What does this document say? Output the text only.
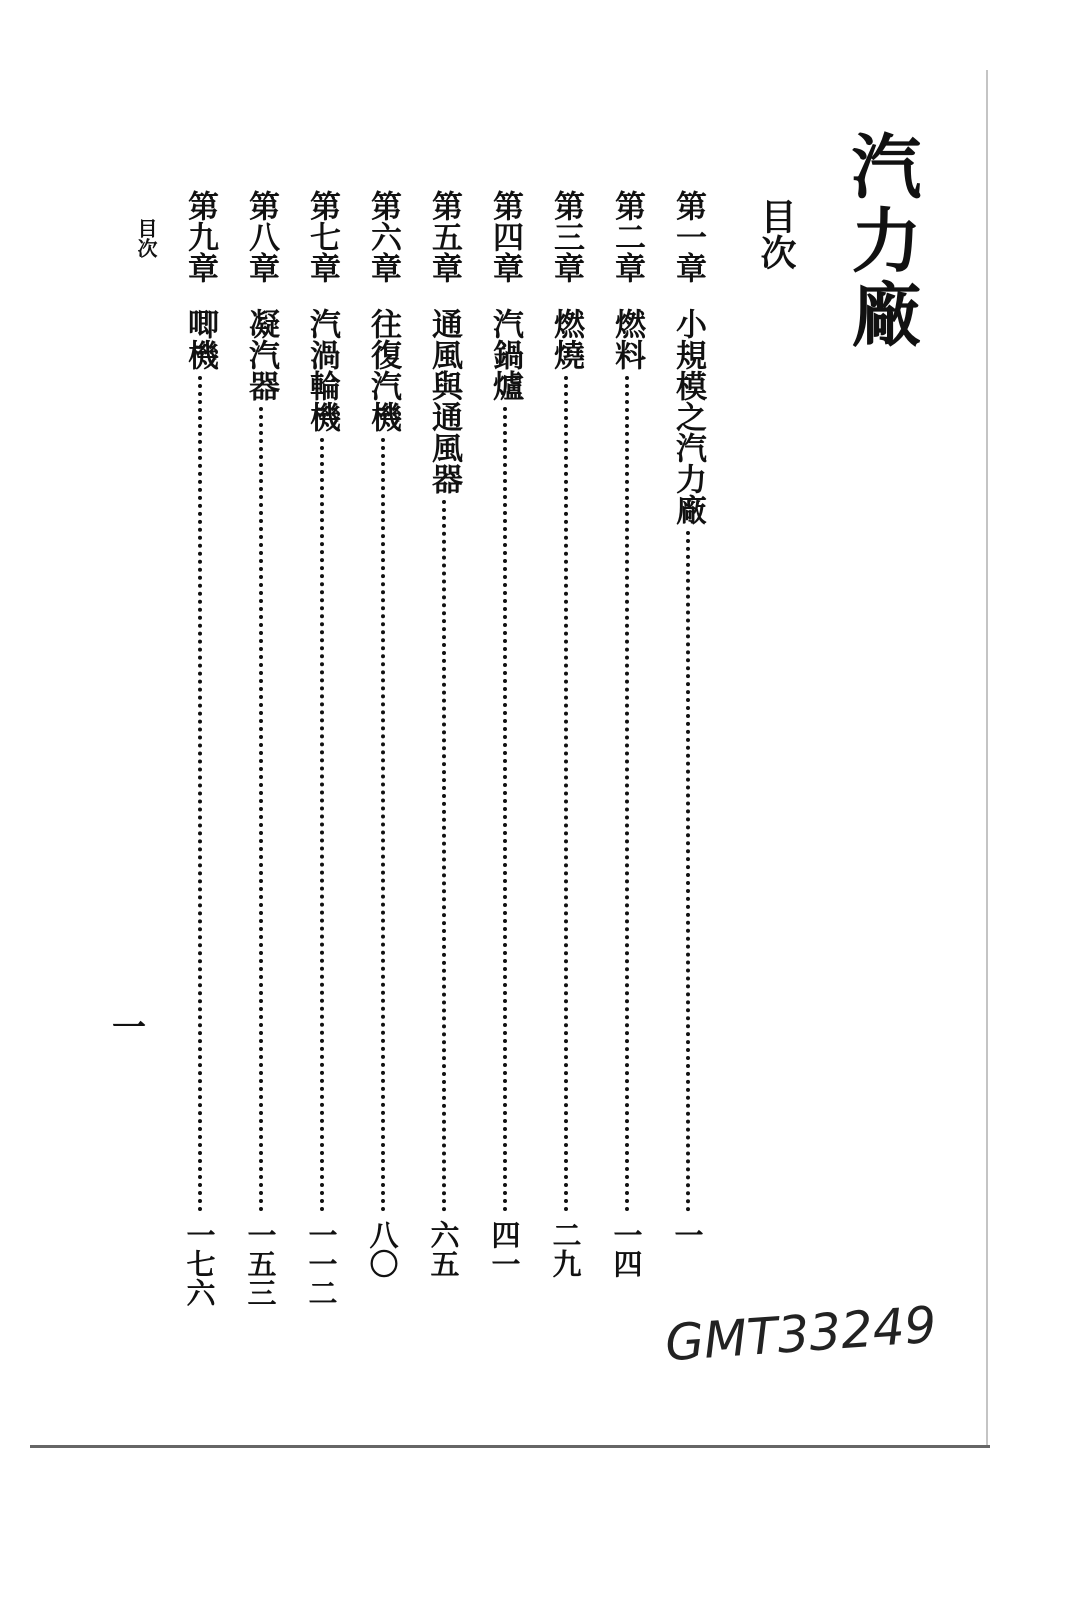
汽力廠
目次
第一章
小規模之汽力廠
一
第二章
燃料
一四
第三章
燃燒
二九
第四章
汽鍋爐
四一
第五章
通風與通風器
六五
第六章
往復汽機
八〇
第七章
汽渦輪機
一一二
第八章
凝汽器
一五三
第九章
唧機
一七六
目次
一
GMT33249
